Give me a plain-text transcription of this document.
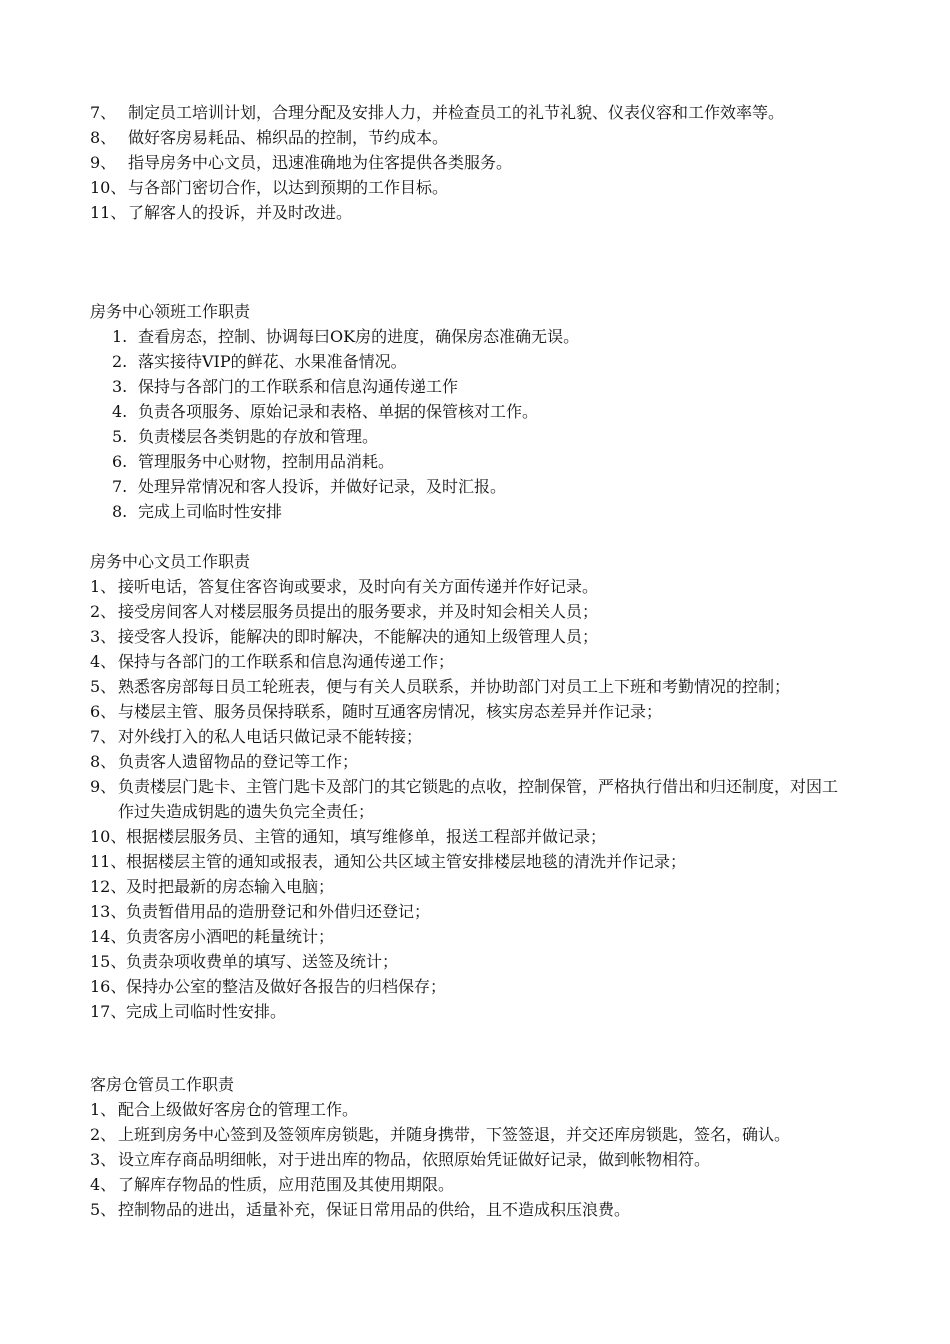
7、 制定员工培训计划，合理分配及安排人力，并检查员工的礼节礼貌、仪表仪容和工作效率等。
8、 做好客房易耗品、棉织品的控制，节约成本。
9、 指导房务中心文员，迅速准确地为住客提供各类服务。
10、 与各部门密切合作，以达到预期的工作目标。
11、 了解客人的投诉，并及时改进。
房务中心领班工作职责
1. 查看房态，控制、协调每曰OK房的进度，确保房态准确无误。
2. 落实接待VIP的鲜花、水果准备情况。
3. 保持与各部门的工作联系和信息沟通传递工作
4. 负责各项服务、原始记录和表格、单据的保管核对工作。
5. 负责楼层各类钥匙的存放和管理。
6. 管理服务中心财物，控制用品消耗。
7. 处理异常情况和客人投诉，并做好记录，及时汇报。
8. 完成上司临时性安排
房务中心文员工作职责
1、 接听电话，答复住客咨询或要求，及时向有关方面传递并作好记录。
2、 接受房间客人对楼层服务员提出的服务要求，并及时知会相关人员；
3、 接受客人投诉，能解决的即时解决，不能解决的通知上级管理人员；
4、 保持与各部门的工作联系和信息沟通传递工作；
5、 熟悉客房部每日员工轮班表，便与有关人员联系，并协助部门对员工上下班和考勤情况的控制；
6、 与楼层主管、服务员保持联系，随时互通客房情况，核实房态差异并作记录；
7、 对外线打入的私人电话只做记录不能转接；
8、 负责客人遗留物品的登记等工作；
9、 负责楼层门匙卡、主管门匙卡及部门的其它锁匙的点收，控制保管，严格执行借出和归还制度，对因工作过失造成钥匙的遗失负完全责任；
10、 根据楼层服务员、主管的通知，填写维修单，报送工程部并做记录；
11、 根据楼层主管的通知或报表，通知公共区域主管安排楼层地毯的清洗并作记录；
12、 及时把最新的房态输入电脑；
13、 负责暂借用品的造册登记和外借归还登记；
14、 负责客房小酒吧的耗量统计；
15、 负责杂项收费单的填写、送签及统计；
16、 保持办公室的整洁及做好各报告的归档保存；
17、 完成上司临时性安排。
客房仓管员工作职责
1、 配合上级做好客房仓的管理工作。
2、 上班到房务中心签到及签领库房锁匙，并随身携带，下签签退，并交还库房锁匙，签名，确认。
3、 设立库存商品明细帐，对于进出库的物品，依照原始凭证做好记录，做到帐物相符。
4、 了解库存物品的性质，应用范围及其使用期限。
5、 控制物品的进出，适量补充，保证日常用品的供给，且不造成积压浪费。
